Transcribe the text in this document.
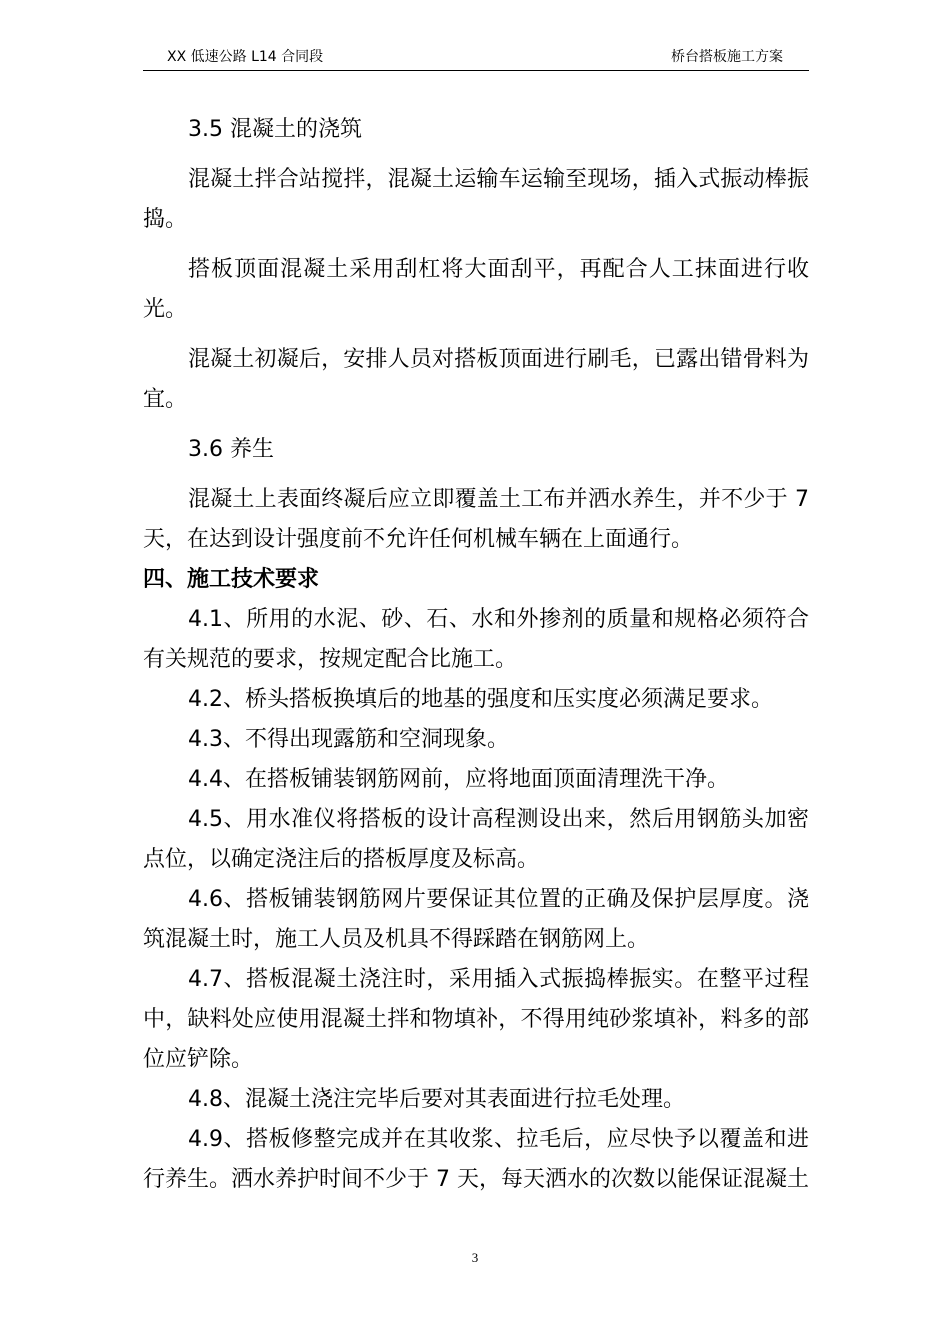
XX 低速公路 L14 合同段	桥台搭板施工方案

3.5 混凝土的浇筑

混凝土拌合站搅拌，混凝土运输车运输至现场，插入式振动棒振捣。

搭板顶面混凝土采用刮杠将大面刮平，再配合人工抹面进行收光。

混凝土初凝后，安排人员对搭板顶面进行刷毛，已露出错骨料为宜。

3.6 养生

混凝土上表面终凝后应立即覆盖土工布并洒水养生，并不少于 7 天，在达到设计强度前不允许任何机械车辆在上面通行。

四、施工技术要求

4.1、所用的水泥、砂、石、水和外掺剂的质量和规格必须符合有关规范的要求，按规定配合比施工。

4.2、桥头搭板换填后的地基的强度和压实度必须满足要求。

4.3、不得出现露筋和空洞现象。

4.4、在搭板铺装钢筋网前，应将地面顶面清理洗干净。

4.5、用水准仪将搭板的设计高程测设出来，然后用钢筋头加密点位，以确定浇注后的搭板厚度及标高。

4.6、搭板铺装钢筋网片要保证其位置的正确及保护层厚度。浇筑混凝土时，施工人员及机具不得踩踏在钢筋网上。

4.7、搭板混凝土浇注时，采用插入式振捣棒振实。在整平过程中，缺料处应使用混凝土拌和物填补，不得用纯砂浆填补，料多的部位应铲除。

4.8、混凝土浇注完毕后要对其表面进行拉毛处理。

4.9、搭板修整完成并在其收浆、拉毛后，应尽快予以覆盖和进行养生。洒水养护时间不少于 7 天，每天洒水的次数以能保证混凝土

3
